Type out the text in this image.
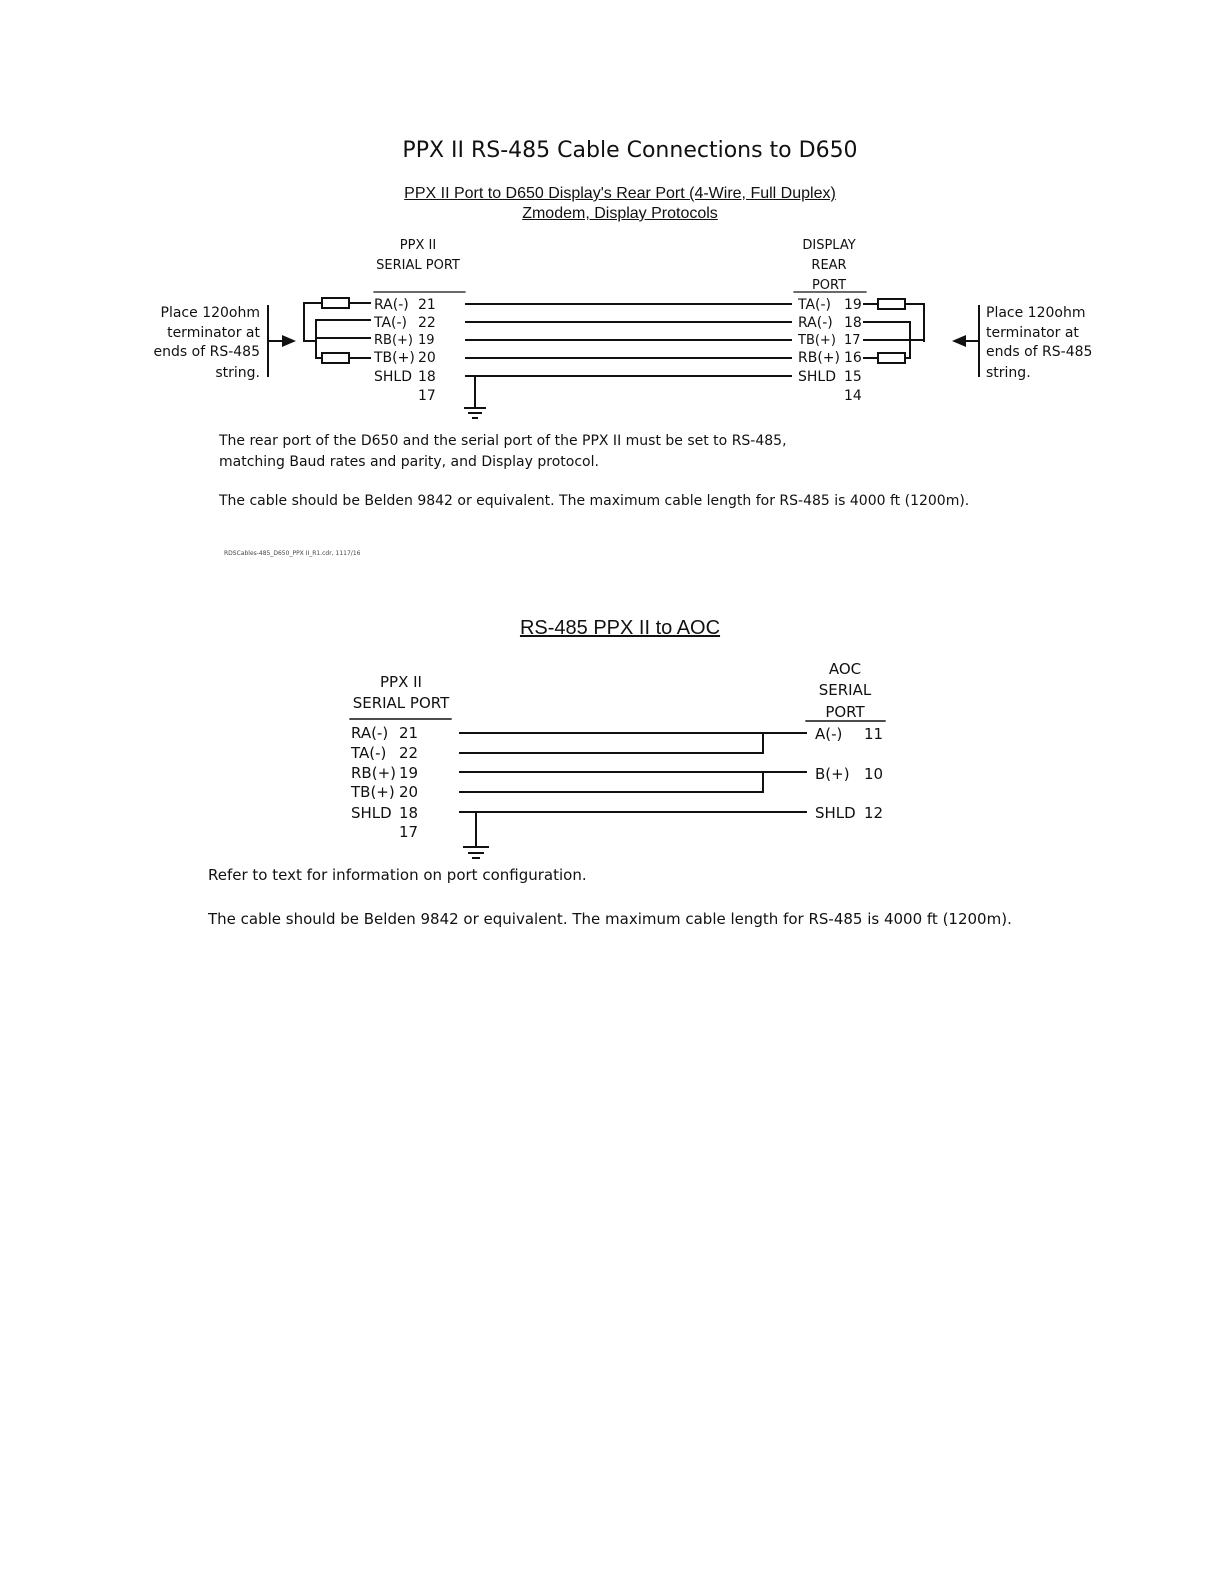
PPX II RS-485 Cable Connections to D650
PPX II Port to D650 Display's Rear Port (4-Wire, Full Duplex)
Zmodem, Display Protocols
PPX II
SERIAL PORT
DISPLAY
REAR
PORT
Place 120ohm
terminator at
ends of RS-485
string.
Place 120ohm
terminator at
ends of RS-485
string.
RA(-) 21
TA(-) 22
RB(+) 19
TB(+) 20
SHLD 18
17
TA(-) 19
RA(-) 18
TB(+) 17
RB(+) 16
SHLD 15
14
The rear port of the D650 and the serial port of the PPX II must be set to RS-485,
matching Baud rates and parity, and Display protocol.
The cable should be Belden 9842 or equivalent. The maximum cable length for RS-485 is 4000 ft (1200m).
RDSCables-485_D650_PPX II_R1.cdr, 1117/16
RS-485 PPX II to AOC
PPX II
SERIAL PORT
AOC
SERIAL
PORT
RA(-) 21
TA(-) 22
RB(+) 19
TB(+) 20
SHLD 18
17
A(-) 11
B(+) 10
SHLD 12
Refer to text for information on port configuration.
The cable should be Belden 9842 or equivalent. The maximum cable length for RS-485 is 4000 ft (1200m).
